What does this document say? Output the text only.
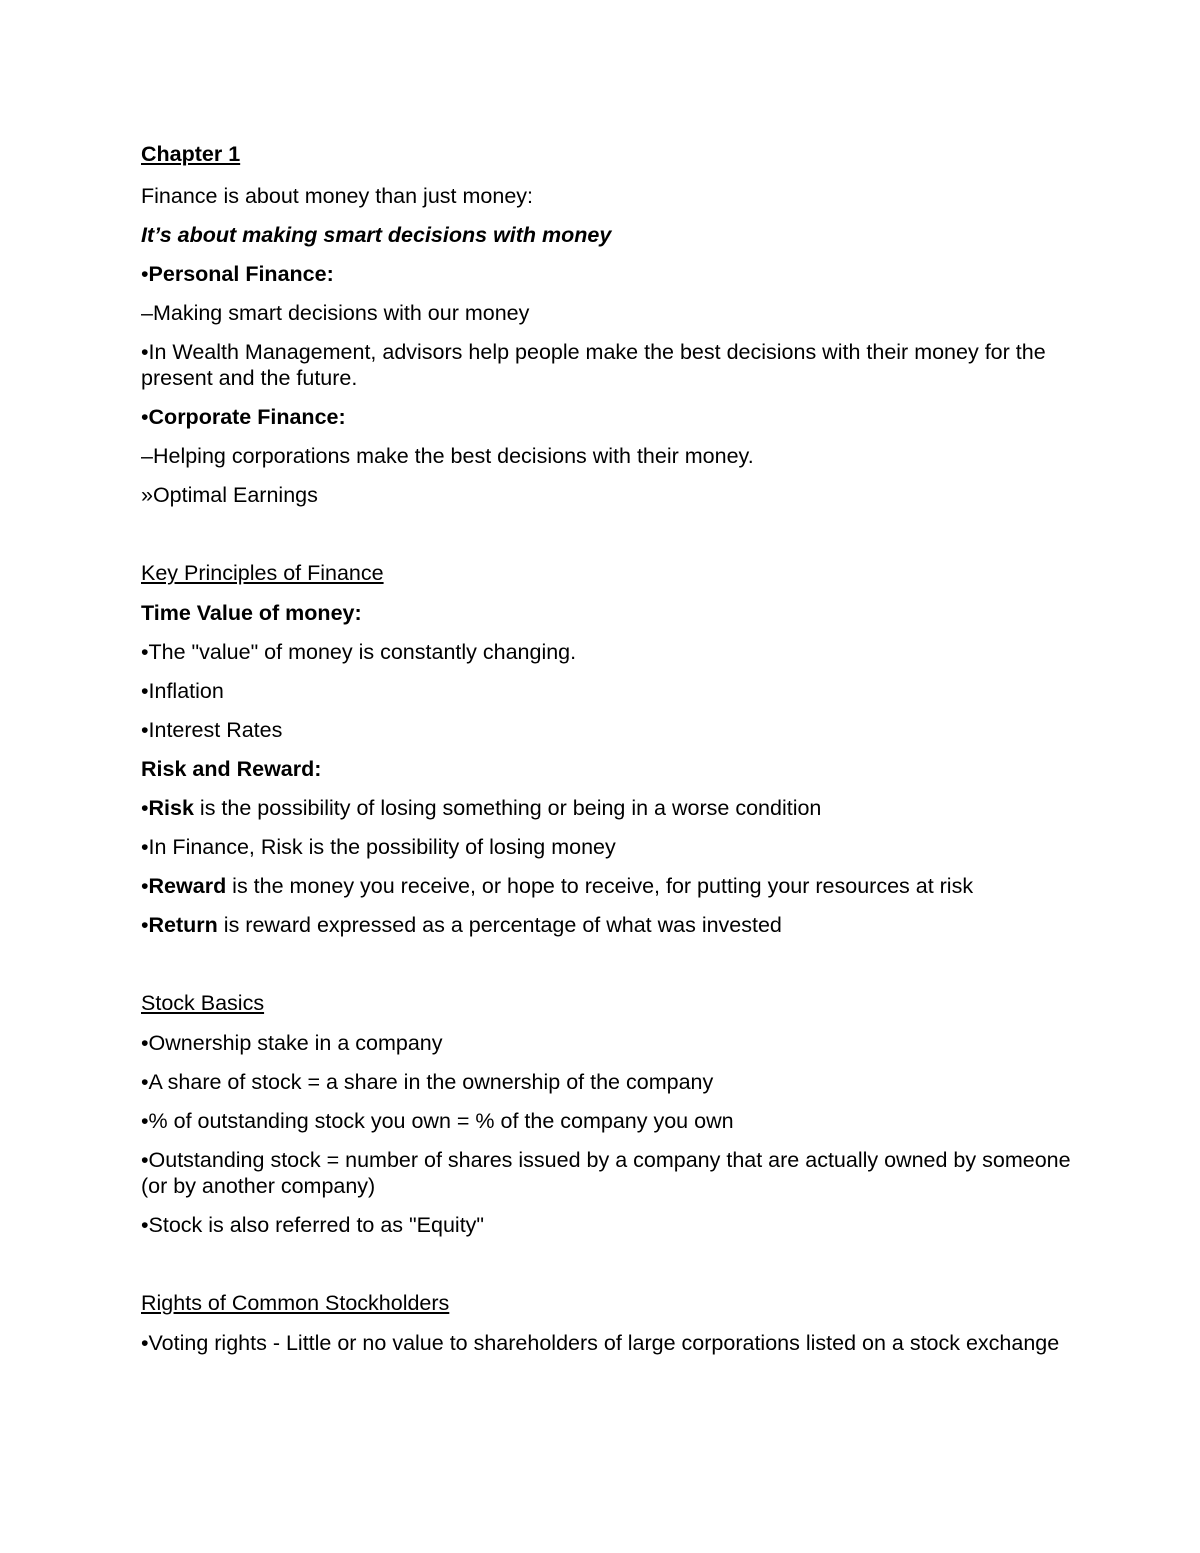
Chapter 1
Finance is about money than just money:
It’s about making smart decisions with money
•Personal Finance:
–Making smart decisions with our money
•In Wealth Management, advisors help people make the best decisions with their money for the present and the future.
•Corporate Finance:
–Helping corporations make the best decisions with their money.
»Optimal Earnings
Key Principles of Finance
Time Value of money:
•The "value" of money is constantly changing.
•Inflation
•Interest Rates
Risk and Reward:
•Risk is the possibility of losing something or being in a worse condition
•In Finance, Risk is the possibility of losing money
•Reward is the money you receive, or hope to receive, for putting your resources at risk
•Return is reward expressed as a percentage of what was invested
Stock Basics
•Ownership stake in a company
•A share of stock = a share in the ownership of the company
•% of outstanding stock you own = % of the company you own
•Outstanding stock = number of shares issued by a company that are actually owned by someone (or by another company)
•Stock is also referred to as "Equity"
Rights of Common Stockholders
•Voting rights - Little or no value to shareholders of large corporations listed on a stock exchange
